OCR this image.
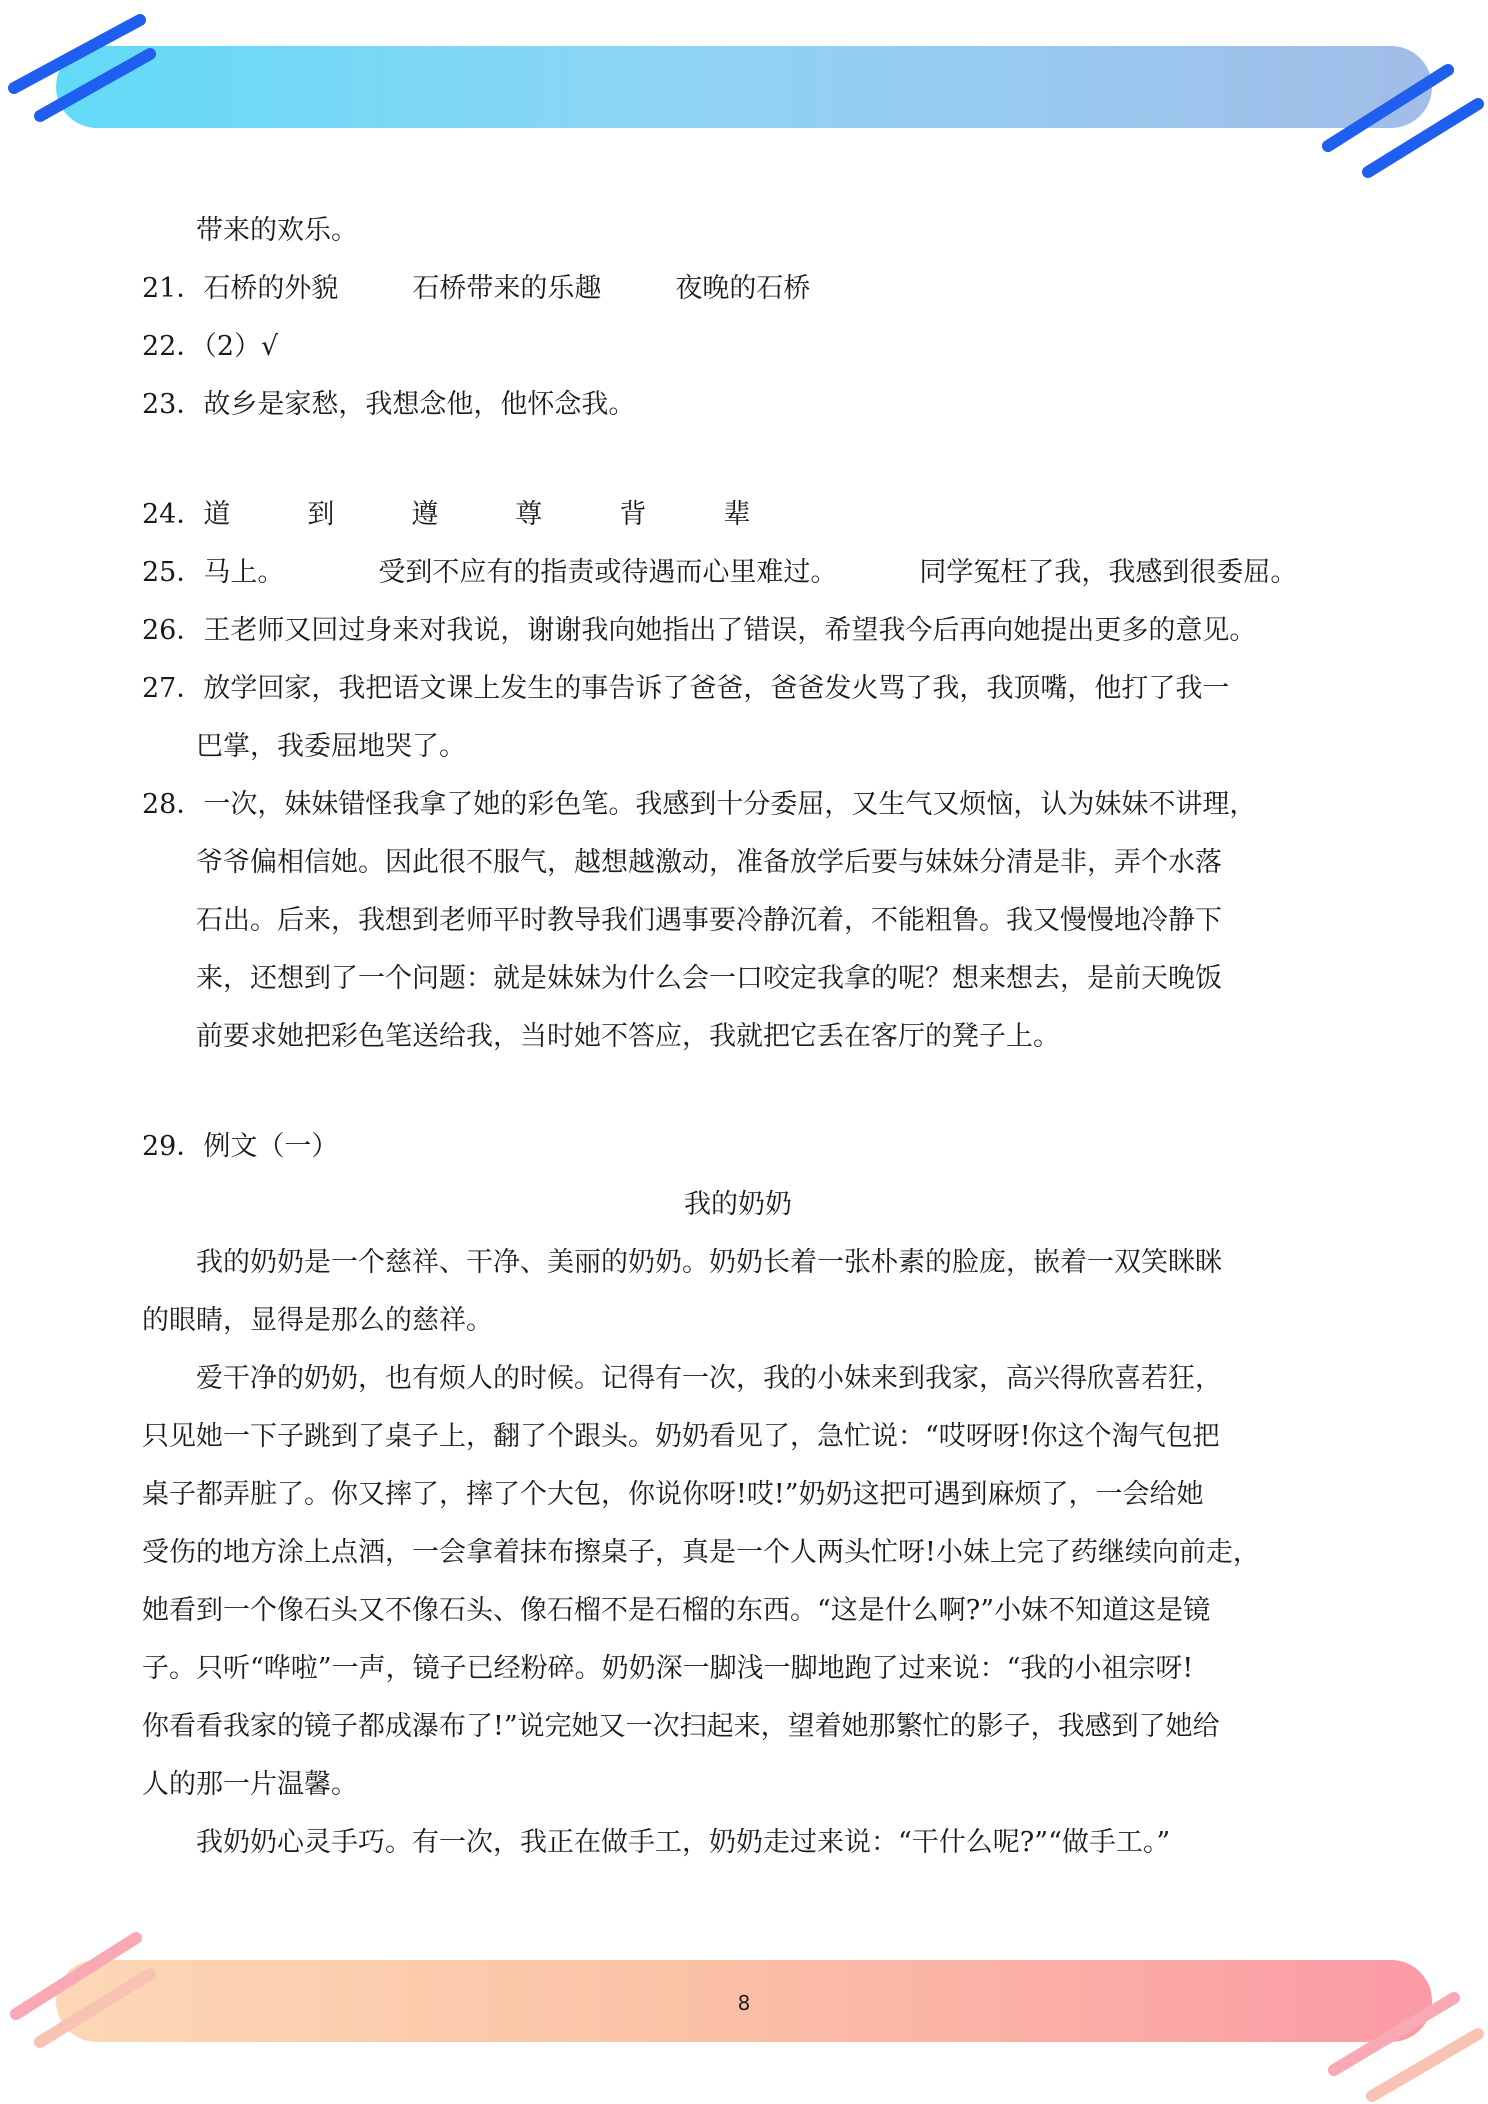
带来的欢乐。
21．石桥的外貌	石桥带来的乐趣	夜晚的石桥
22．（2）√
23．故乡是家愁，我想念他，他怀念我。
24．道	到	遵	尊	背	辈
25．马上。	受到不应有的指责或待遇而心里难过。	同学冤枉了我，我感到很委屈。
26．王老师又回过身来对我说，谢谢我向她指出了错误，希望我今后再向她提出更多的意见。
27．放学回家，我把语文课上发生的事告诉了爸爸，爸爸发火骂了我，我顶嘴，他打了我一
巴掌，我委屈地哭了。
28．一次，妹妹错怪我拿了她的彩色笔。我感到十分委屈，又生气又烦恼，认为妹妹不讲理，
爷爷偏相信她。因此很不服气，越想越激动，准备放学后要与妹妹分清是非，弄个水落
石出。后来，我想到老师平时教导我们遇事要冷静沉着，不能粗鲁。我又慢慢地冷静下
来，还想到了一个问题：就是妹妹为什么会一口咬定我拿的呢？想来想去，是前天晚饭
前要求她把彩色笔送给我，当时她不答应，我就把它丢在客厅的凳子上。
29．例文（一）
我的奶奶
我的奶奶是一个慈祥、干净、美丽的奶奶。奶奶长着一张朴素的脸庞，嵌着一双笑眯眯
的眼睛，显得是那么的慈祥。
爱干净的奶奶，也有烦人的时候。记得有一次，我的小妹来到我家，高兴得欣喜若狂，
只见她一下子跳到了桌子上，翻了个跟头。奶奶看见了，急忙说：“哎呀呀!你这个淘气包把
桌子都弄脏了。你又摔了，摔了个大包，你说你呀!哎!”奶奶这把可遇到麻烦了，一会给她
受伤的地方涂上点酒，一会拿着抹布擦桌子，真是一个人两头忙呀!小妹上完了药继续向前走，
她看到一个像石头又不像石头、像石榴不是石榴的东西。“这是什么啊?”小妹不知道这是镜
子。只听“哗啦”一声，镜子已经粉碎。奶奶深一脚浅一脚地跑了过来说：“我的小祖宗呀!
你看看我家的镜子都成瀑布了!”说完她又一次扫起来，望着她那繁忙的影子，我感到了她给
人的那一片温馨。
我奶奶心灵手巧。有一次，我正在做手工，奶奶走过来说：“干什么呢?”“做手工。”
8
